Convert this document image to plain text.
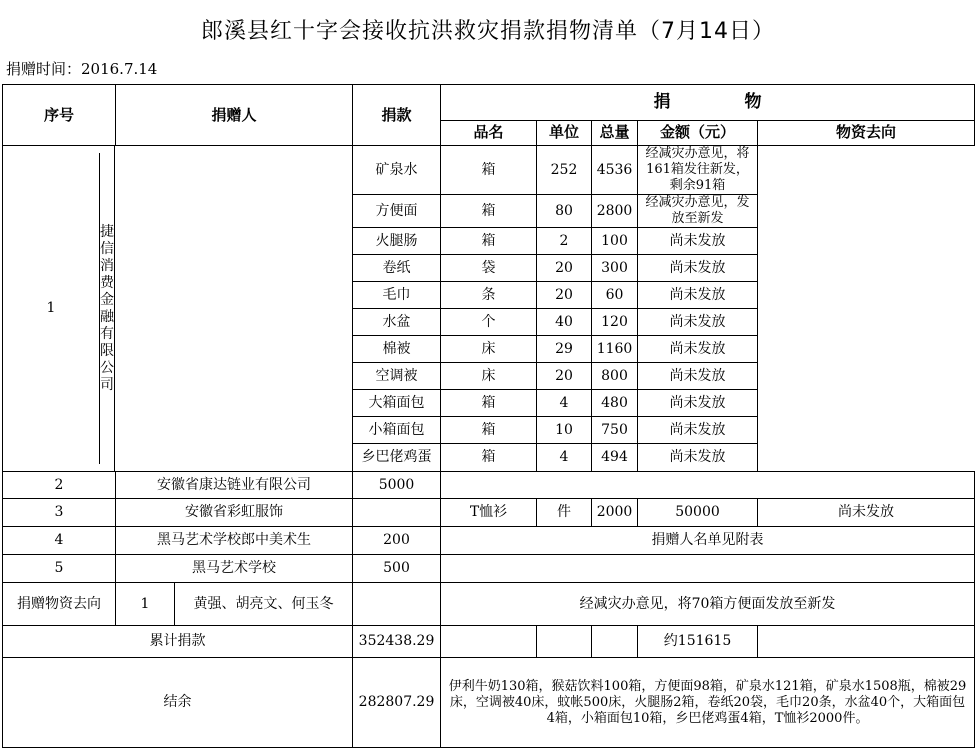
郎溪县红十字会接收抗洪救灾捐款捐物清单（7月14日）
捐赠时间：2016.7.14
序号 捐赠人		捐款	捐 物				
			品名	单位	总量	金额（元）	物资去向

1
捷信消费金融有限公司		矿泉水	箱	252	4536	经减灾办意见，将161箱发往新发，剩余91箱	
		方便面	箱	80	2800	经减灾办意见，发放至新发	
		火腿肠	箱	2	100	尚未发放	
		卷纸	袋	20	300	尚未发放	
		毛巾	条	20	60	尚未发放	
		水盆	个	40	120	尚未发放	
		棉被	床	29	1160	尚未发放	
		空调被	床	20	800	尚未发放	
		大箱面包	箱	4	480	尚未发放	
		小箱面包	箱	10	750	尚未发放	
		乡巴佬鸡蛋	箱	4	494	尚未发放	

2 安徽省康达链业有限公司		5000					

3 安徽省彩虹服饰			T恤衫	件	2000	50000	尚未发放

4 黑马艺术学校郎中美术生		200	捐赠人名单见附表				

5 黑马艺术学校		500					

捐赠物资去向 1 黄强、胡亮文、何玉冬			经减灾办意见，将70箱方便面发放至新发				
累计捐款		352438.29				约151615	
结余		282807.29	伊利牛奶130箱，猴菇饮料100箱，方便面98箱，矿泉水121箱，矿泉水1508瓶，棉被29床，空调被40床，蚊帐500床，火腿肠2箱，卷纸20袋，毛巾20条，水盆40个，大箱面包4箱，小箱面包10箱，乡巴佬鸡蛋4箱，T恤衫2000件。				
